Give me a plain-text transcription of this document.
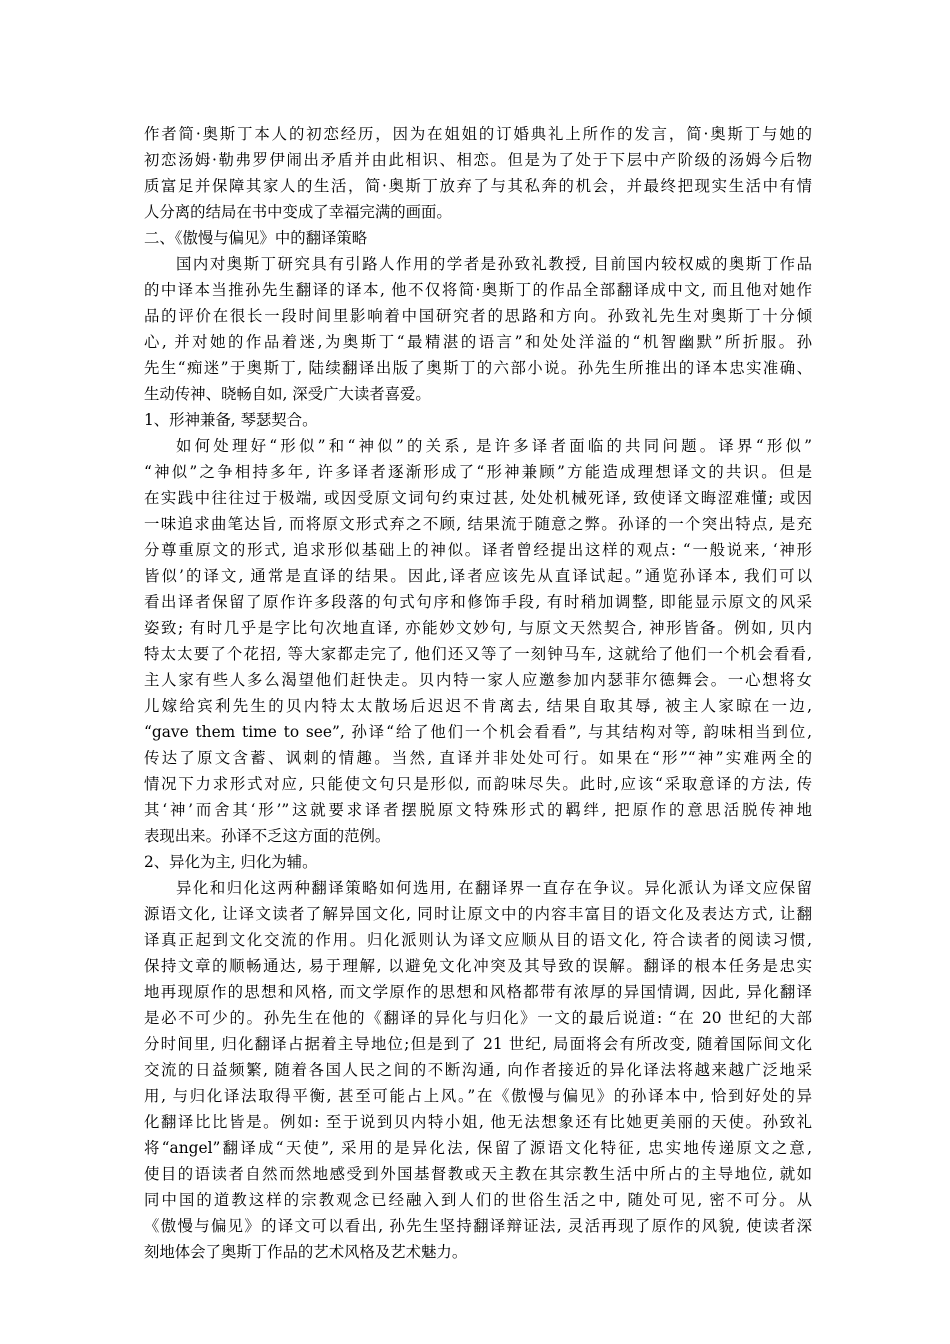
作者简·奥斯丁本人的初恋经历，因为在姐姐的订婚典礼上所作的发言，简·奥斯丁与她的
初恋汤姆·勒弗罗伊闹出矛盾并由此相识、相恋。但是为了处于下层中产阶级的汤姆今后物
质富足并保障其家人的生活，简·奥斯丁放弃了与其私奔的机会，并最终把现实生活中有情
人分离的结局在书中变成了幸福完满的画面。
二、《傲慢与偏见》中的翻译策略
国内对奥斯丁研究具有引路人作用的学者是孙致礼教授, 目前国内较权威的奥斯丁作品
的中译本当推孙先生翻译的译本, 他不仅将简·奥斯丁的作品全部翻译成中文, 而且他对她作
品的评价在很长一段时间里影响着中国研究者的思路和方向。孙致礼先生对奥斯丁十分倾
心, 并对她的作品着迷,为奥斯丁“最精湛的语言”和处处洋溢的“机智幽默”所折服。孙
先生“痴迷”于奥斯丁, 陆续翻译出版了奥斯丁的六部小说。孙先生所推出的译本忠实准确、
生动传神、晓畅自如, 深受广大读者喜爱。
1、形神兼备, 琴瑟契合。
如何处理好“形似”和“神似”的关系, 是许多译者面临的共同问题。译界“形似”
“神似”之争相持多年, 许多译者逐渐形成了“形神兼顾”方能造成理想译文的共识。但是
在实践中往往过于极端, 或因受原文词句约束过甚, 处处机械死译, 致使译文晦涩难懂; 或因
一味追求曲笔达旨, 而将原文形式弃之不顾, 结果流于随意之弊。孙译的一个突出特点, 是充
分尊重原文的形式, 追求形似基础上的神似。译者曾经提出这样的观点: “一般说来, ‘神形
皆似’的译文, 通常是直译的结果。因此,译者应该先从直译试起。”通览孙译本, 我们可以
看出译者保留了原作许多段落的句式句序和修饰手段, 有时稍加调整, 即能显示原文的风采
姿致; 有时几乎是字比句次地直译, 亦能妙文妙句, 与原文天然契合, 神形皆备。例如, 贝内
特太太要了个花招, 等大家都走完了, 他们还又等了一刻钟马车, 这就给了他们一个机会看看,
主人家有些人多么渴望他们赶快走。贝内特一家人应邀参加内瑟菲尔德舞会。一心想将女
儿嫁给宾利先生的贝内特太太散场后迟迟不肯离去, 结果自取其辱, 被主人家晾在一边,
“gave them time to see”, 孙译“给了他们一个机会看看”, 与其结构对等, 韵味相当到位,
传达了原文含蓄、讽刺的情趣。当然, 直译并非处处可行。如果在“形”“神”实难两全的
情况下力求形式对应, 只能使文句只是形似, 而韵味尽失。此时,应该“采取意译的方法, 传
其‘神’而舍其‘形’”这就要求译者摆脱原文特殊形式的羁绊, 把原作的意思活脱传神地
表现出来。孙译不乏这方面的范例。
2、异化为主, 归化为辅。
异化和归化这两种翻译策略如何选用, 在翻译界一直存在争议。异化派认为译文应保留
源语文化, 让译文读者了解异国文化, 同时让原文中的内容丰富目的语文化及表达方式, 让翻
译真正起到文化交流的作用。归化派则认为译文应顺从目的语文化, 符合读者的阅读习惯,
保持文章的顺畅通达, 易于理解, 以避免文化冲突及其导致的误解。翻译的根本任务是忠实
地再现原作的思想和风格, 而文学原作的思想和风格都带有浓厚的异国情调, 因此, 异化翻译
是必不可少的。孙先生在他的《翻译的异化与归化》一文的最后说道: “在 20 世纪的大部
分时间里, 归化翻译占据着主导地位;但是到了 21 世纪, 局面将会有所改变, 随着国际间文化
交流的日益频繁, 随着各国人民之间的不断沟通, 向作者接近的异化译法将越来越广泛地采
用, 与归化译法取得平衡, 甚至可能占上风。”在《傲慢与偏见》的孙译本中, 恰到好处的异
化翻译比比皆是。例如: 至于说到贝内特小姐, 他无法想象还有比她更美丽的天使。孙致礼
将“angel”翻译成“天使”, 采用的是异化法, 保留了源语文化特征, 忠实地传递原文之意,
使目的语读者自然而然地感受到外国基督教或天主教在其宗教生活中所占的主导地位, 就如
同中国的道教这样的宗教观念已经融入到人们的世俗生活之中, 随处可见, 密不可分。从
《傲慢与偏见》的译文可以看出, 孙先生坚持翻译辩证法, 灵活再现了原作的风貌, 使读者深
刻地体会了奥斯丁作品的艺术风格及艺术魅力。
